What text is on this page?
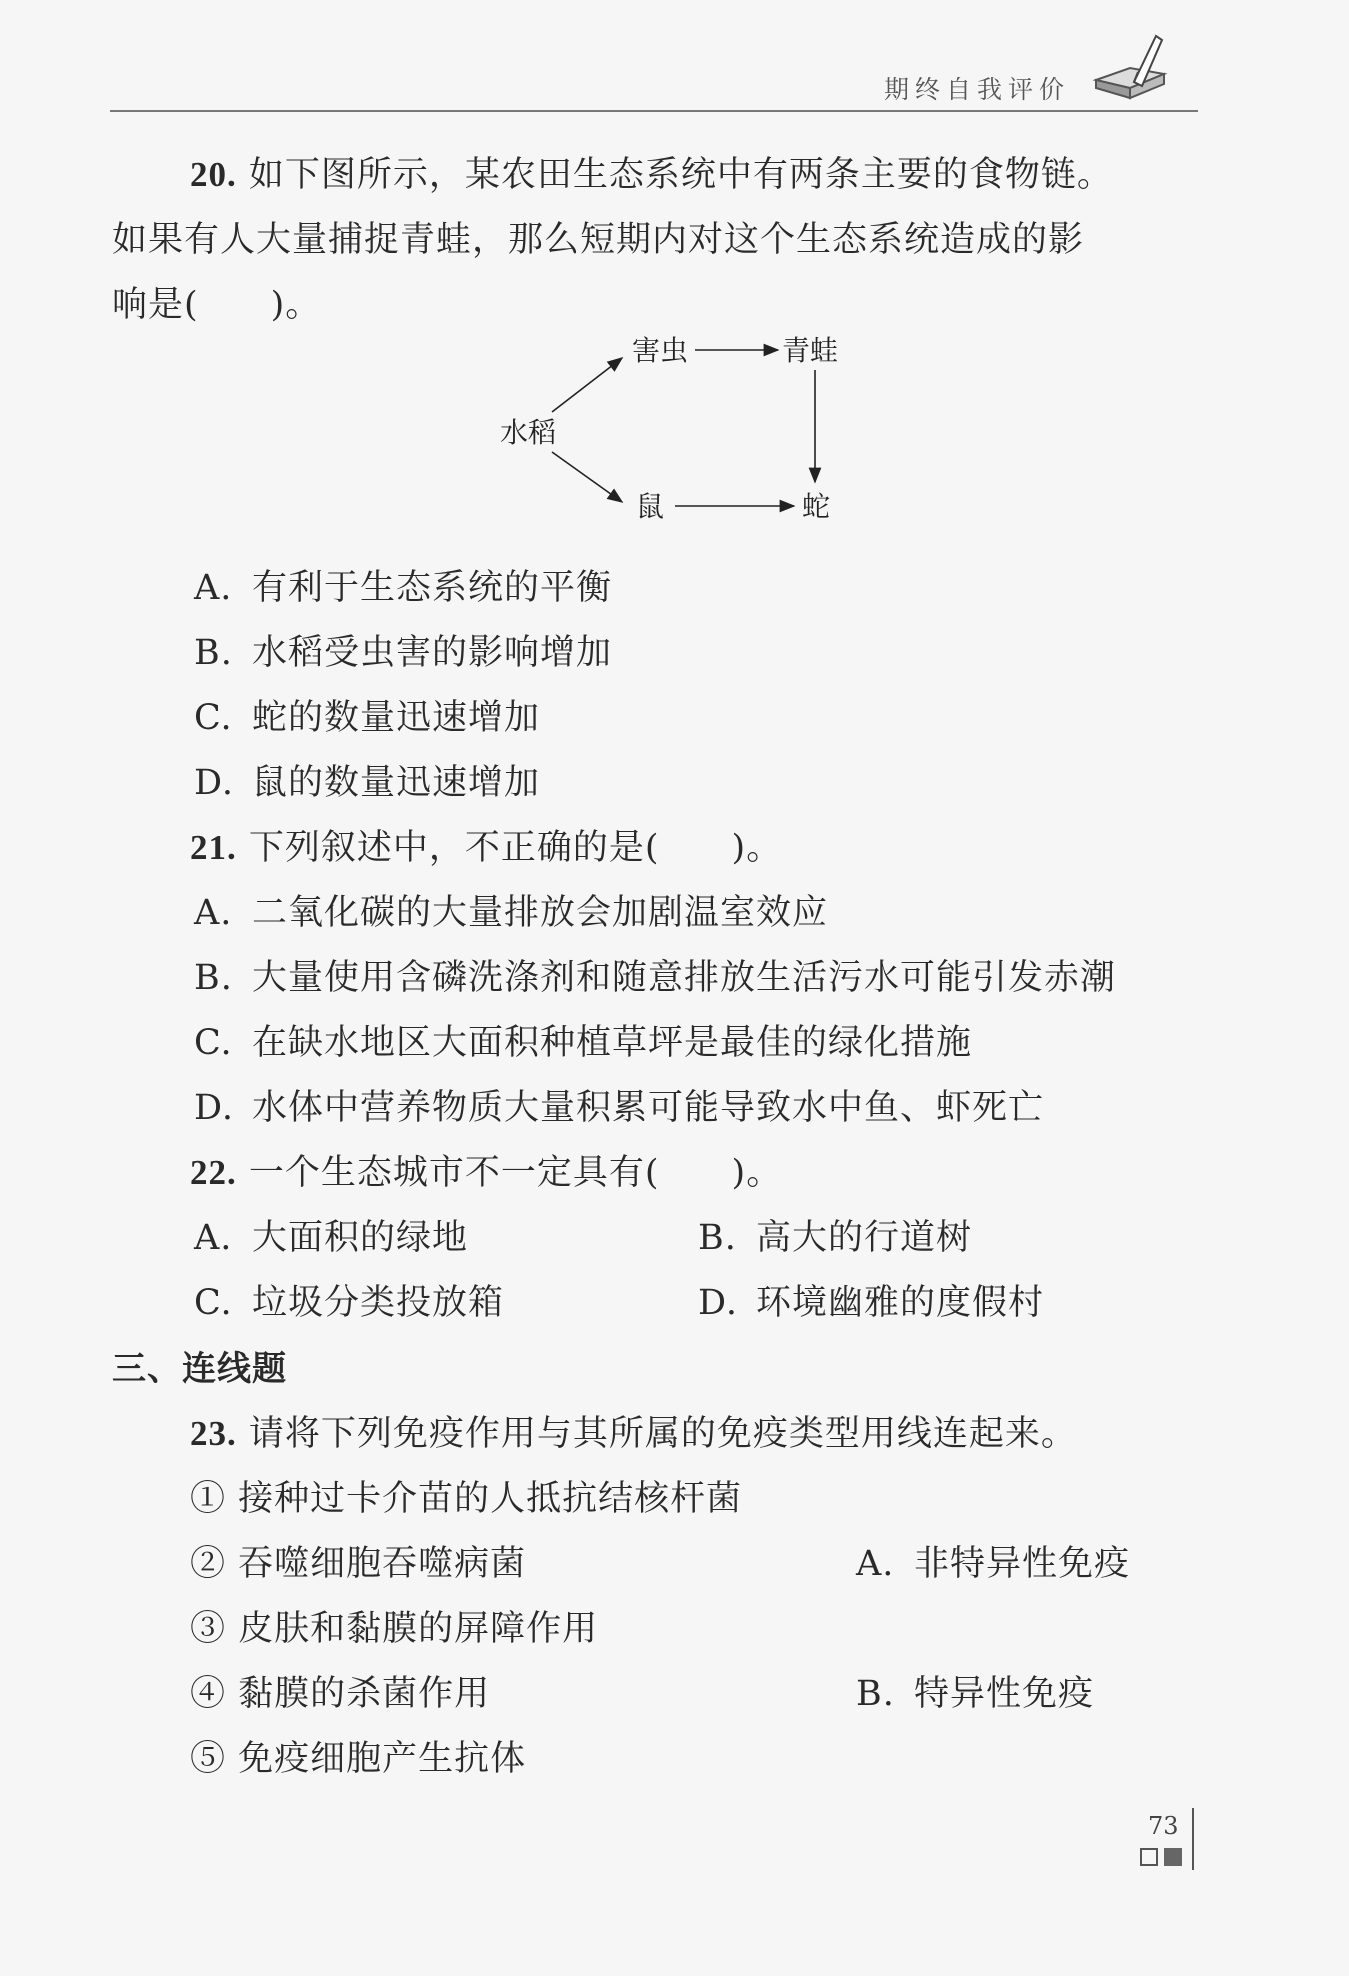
期终自我评价
20. 如下图所示，某农田生态系统中有两条主要的食物链。
如果有人大量捕捉青蛙，那么短期内对这个生态系统造成的影
响是(　　)。
害虫	青蛙
水稻
鼠	蛇
A. 有利于生态系统的平衡
B. 水稻受虫害的影响增加
C. 蛇的数量迅速增加
D. 鼠的数量迅速增加
21. 下列叙述中，不正确的是(　　)。
A. 二氧化碳的大量排放会加剧温室效应
B. 大量使用含磷洗涤剂和随意排放生活污水可能引发赤潮
C. 在缺水地区大面积种植草坪是最佳的绿化措施
D. 水体中营养物质大量积累可能导致水中鱼、虾死亡
22. 一个生态城市不一定具有(　　)。
A. 大面积的绿地	B. 高大的行道树
C. 垃圾分类投放箱	D. 环境幽雅的度假村
三、连线题
23. 请将下列免疫作用与其所属的免疫类型用线连起来。
① 接种过卡介苗的人抵抗结核杆菌
② 吞噬细胞吞噬病菌
③ 皮肤和黏膜的屏障作用
④ 黏膜的杀菌作用
⑤ 免疫细胞产生抗体
A. 非特异性免疫
B. 特异性免疫
73
